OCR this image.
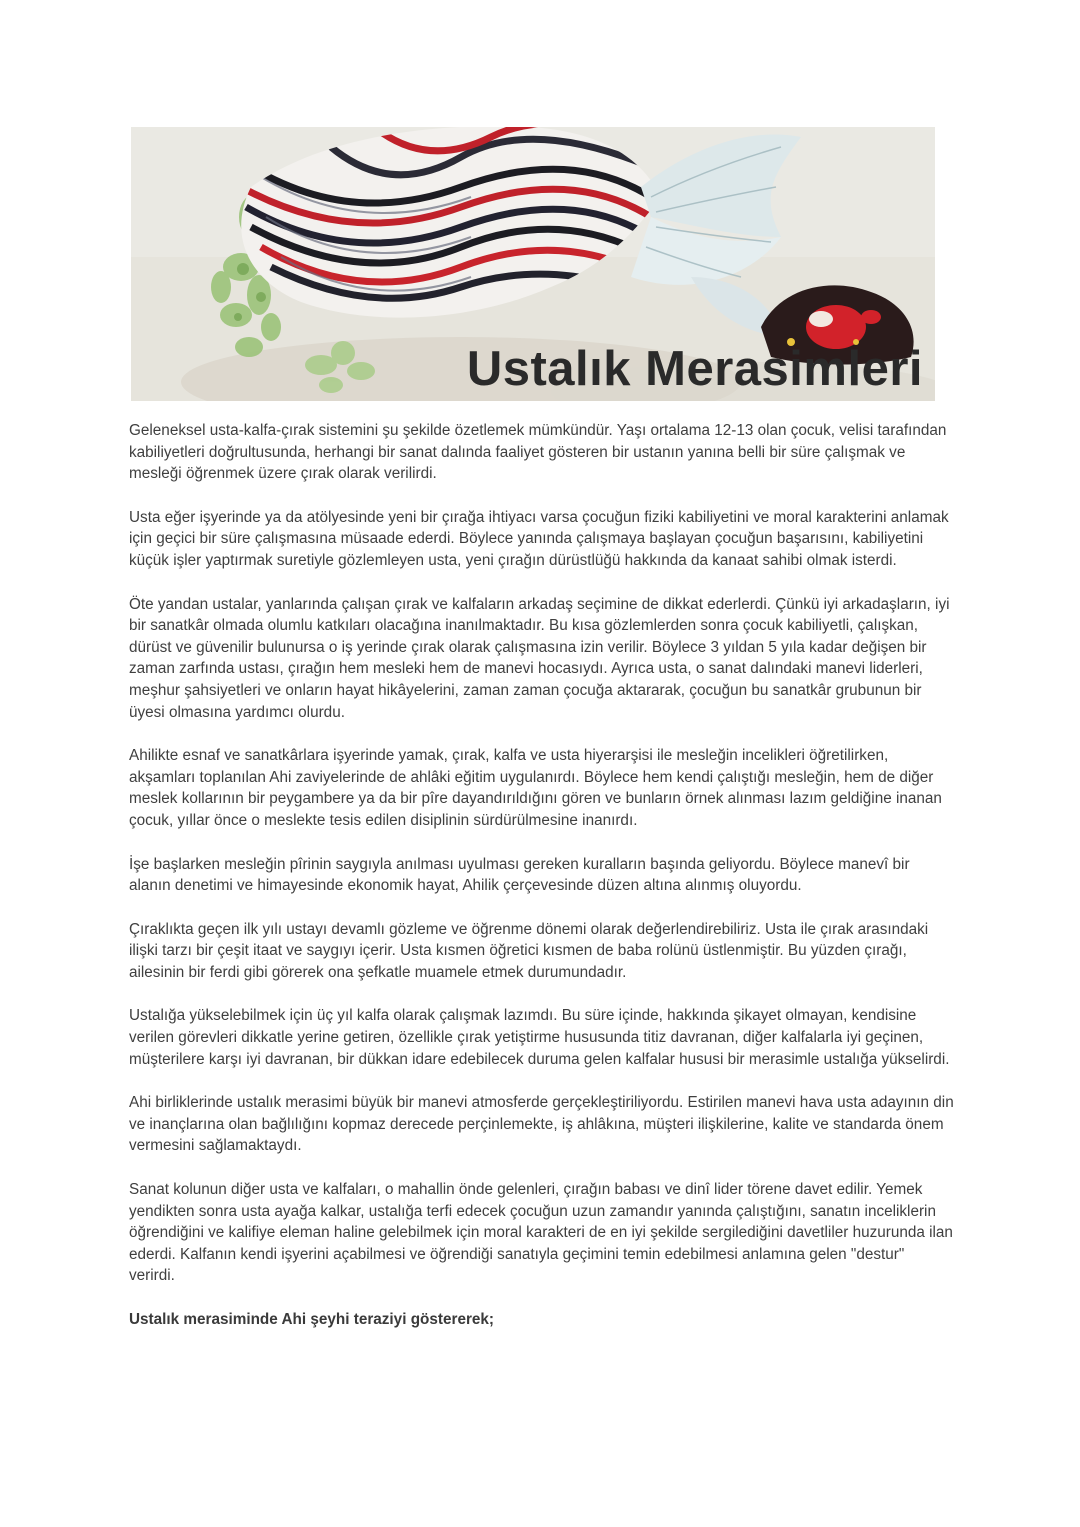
Ustalık Merasimleri

Geleneksel usta-kalfa-çırak sistemini şu şekilde özetlemek mümkündür. Yaşı ortalama 12-13 olan çocuk, velisi tarafından kabiliyetleri doğrultusunda, herhangi bir sanat dalında faaliyet gösteren bir ustanın yanına belli bir süre çalışmak ve mesleği öğrenmek üzere çırak olarak verilirdi.

Usta eğer işyerinde ya da atölyesinde yeni bir çırağa ihtiyacı varsa çocuğun fiziki kabiliyetini ve moral karakterini anlamak için geçici bir süre çalışmasına müsaade ederdi. Böylece yanında çalışmaya başlayan çocuğun başarısını, kabiliyetini küçük işler yaptırmak suretiyle gözlemleyen usta, yeni çırağın dürüstlüğü hakkında da kanaat sahibi olmak isterdi.

Öte yandan ustalar, yanlarında çalışan çırak ve kalfaların arkadaş seçimine de dikkat ederlerdi. Çünkü iyi arkadaşların, iyi bir sanatkâr olmada olumlu katkıları olacağına inanılmaktadır. Bu kısa gözlemlerden sonra çocuk kabiliyetli, çalışkan, dürüst ve güvenilir bulunursa o iş yerinde çırak olarak çalışmasına izin verilir. Böylece 3 yıldan 5 yıla kadar değişen bir zaman zarfında ustası, çırağın hem mesleki hem de manevi hocasıydı. Ayrıca usta, o sanat dalındaki manevi liderleri, meşhur şahsiyetleri ve onların hayat hikâyelerini, zaman zaman çocuğa aktararak, çocuğun bu sanatkâr grubunun bir üyesi olmasına yardımcı olurdu.

Ahilikte esnaf ve sanatkârlara işyerinde yamak, çırak, kalfa ve usta hiyerarşisi ile mesleğin incelikleri öğretilirken, akşamları toplanılan Ahi zaviyelerinde de ahlâki eğitim uygulanırdı. Böylece hem kendi çalıştığı mesleğin, hem de diğer meslek kollarının bir peygambere ya da bir pîre dayandırıldığını gören ve bunların örnek alınması lazım geldiğine inanan çocuk, yıllar önce o meslekte tesis edilen disiplinin sürdürülmesine inanırdı.

İşe başlarken mesleğin pîrinin saygıyla anılması uyulması gereken kuralların başında geliyordu. Böylece manevî bir alanın denetimi ve himayesinde ekonomik hayat, Ahilik çerçevesinde düzen altına alınmış oluyordu.

Çıraklıkta geçen ilk yılı ustayı devamlı gözleme ve öğrenme dönemi olarak değerlendirebiliriz. Usta ile çırak arasındaki ilişki tarzı bir çeşit itaat ve saygıyı içerir. Usta kısmen öğretici kısmen de baba rolünü üstlenmiştir. Bu yüzden çırağı, ailesinin bir ferdi gibi görerek ona şefkatle muamele etmek durumundadır.

Ustalığa yükselebilmek için üç yıl kalfa olarak çalışmak lazımdı. Bu süre içinde, hakkında şikayet olmayan, kendisine verilen görevleri dikkatle yerine getiren, özellikle çırak yetiştirme hususunda titiz davranan, diğer kalfalarla iyi geçinen, müşterilere karşı iyi davranan, bir dükkan idare edebilecek duruma gelen kalfalar hususi bir merasimle ustalığa yükselirdi.

Ahi birliklerinde ustalık merasimi büyük bir manevi atmosferde gerçekleştiriliyordu. Estirilen manevi hava usta adayının din ve inançlarına olan bağlılığını kopmaz derecede perçinlemekte, iş ahlâkına, müşteri ilişkilerine, kalite ve standarda önem vermesini sağlamaktaydı.

Sanat kolunun diğer usta ve kalfaları, o mahallin önde gelenleri, çırağın babası ve dinî lider törene davet edilir. Yemek yendikten sonra usta ayağa kalkar, ustalığa terfi edecek çocuğun uzun zamandır yanında çalıştığını, sanatın inceliklerin öğrendiğini ve kalifiye eleman haline gelebilmek için moral karakteri de en iyi şekilde sergilediğini davetliler huzurunda ilan ederdi. Kalfanın kendi işyerini açabilmesi ve öğrendiği sanatıyla geçimini temin edebilmesi anlamına gelen "destur" verirdi.

Ustalık merasiminde Ahi şeyhi teraziyi göstererek;
